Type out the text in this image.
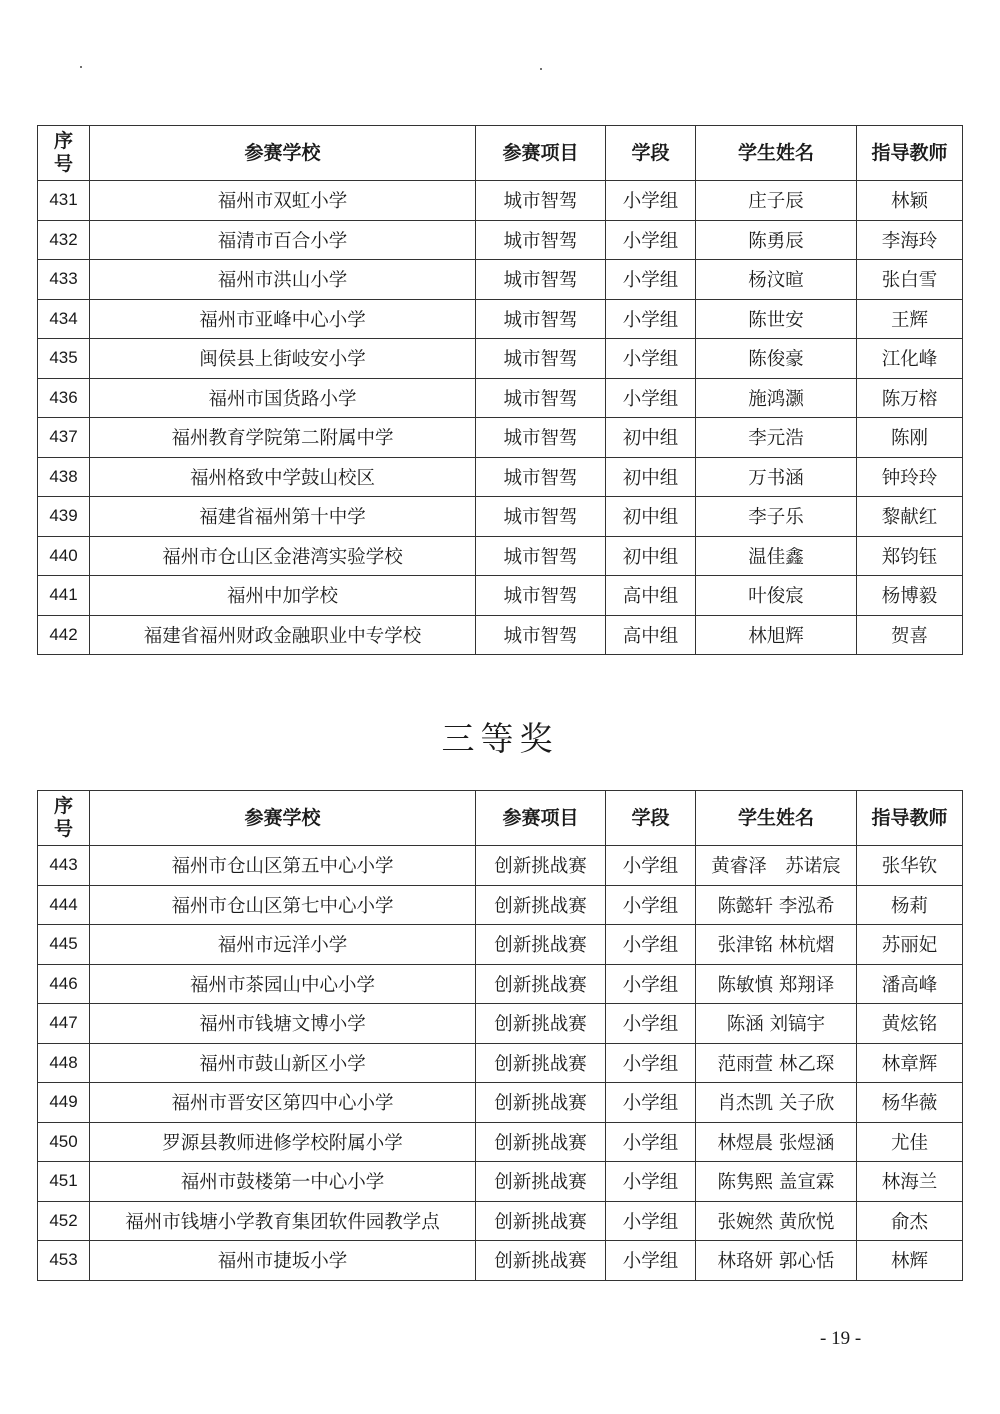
序
号	参赛学校	参赛项目	学段	学生姓名	指导教师
431	福州市双虹小学	城市智驾	小学组	庄子辰	林颖
432	福清市百合小学	城市智驾	小学组	陈勇辰	李海玲
433	福州市洪山小学	城市智驾	小学组	杨汶暄	张白雪
434	福州市亚峰中心小学	城市智驾	小学组	陈世安	王辉
435	闽侯县上街岐安小学	城市智驾	小学组	陈俊豪	江化峰
436	福州市国货路小学	城市智驾	小学组	施鸿灏	陈万榕
437	福州教育学院第二附属中学	城市智驾	初中组	李元浩	陈刚
438	福州格致中学鼓山校区	城市智驾	初中组	万书涵	钟玲玲
439	福建省福州第十中学	城市智驾	初中组	李子乐	黎献红
440	福州市仓山区金港湾实验学校	城市智驾	初中组	温佳鑫	郑钧钰
441	福州中加学校	城市智驾	高中组	叶俊宸	杨博毅
442	福建省福州财政金融职业中专学校	城市智驾	高中组	林旭辉	贺喜
三等奖
序
号	参赛学校	参赛项目	学段	学生姓名	指导教师
443	福州市仓山区第五中心小学	创新挑战赛	小学组	黄睿泽　苏诺宸	张华钦
444	福州市仓山区第七中心小学	创新挑战赛	小学组	陈懿轩 李泓希	杨莉
445	福州市远洋小学	创新挑战赛	小学组	张津铭 林杭熠	苏丽妃
446	福州市茶园山中心小学	创新挑战赛	小学组	陈敏慎 郑翔译	潘高峰
447	福州市钱塘文博小学	创新挑战赛	小学组	陈涵 刘镐宇	黄炫铭
448	福州市鼓山新区小学	创新挑战赛	小学组	范雨萱 林乙琛	林章辉
449	福州市晋安区第四中心小学	创新挑战赛	小学组	肖杰凯 关子欣	杨华薇
450	罗源县教师进修学校附属小学	创新挑战赛	小学组	林煜晨 张煜涵	尤佳
451	福州市鼓楼第一中心小学	创新挑战赛	小学组	陈隽熙 盖宣霖	林海兰
452	福州市钱塘小学教育集团软件园教学点	创新挑战赛	小学组	张婉然 黄欣悦	俞杰
453	福州市捷坂小学	创新挑战赛	小学组	林珞妍 郭心恬	林辉
- 19 -
